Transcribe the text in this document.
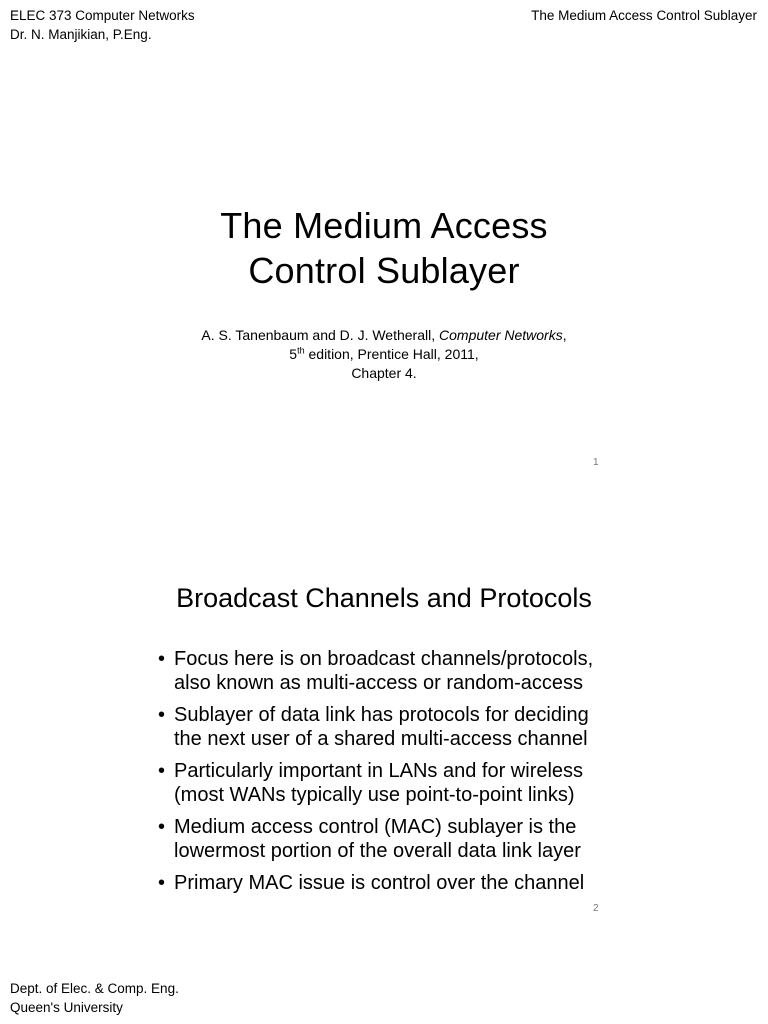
ELEC 373 Computer Networks
Dr. N. Manjikian, P.Eng.
The Medium Access Control Sublayer
The Medium Access
Control Sublayer
A. S. Tanenbaum and D. J. Wetherall, Computer Networks,
5th edition, Prentice Hall, 2011,
Chapter 4.
1
Broadcast Channels and Protocols
• Focus here is on broadcast channels/protocols,
also known as multi-access or random-access
• Sublayer of data link has protocols for deciding
the next user of a shared multi-access channel
• Particularly important in LANs and for wireless
(most WANs typically use point-to-point links)
• Medium access control (MAC) sublayer is the
lowermost portion of the overall data link layer
• Primary MAC issue is control over the channel
2
Dept. of Elec. & Comp. Eng.
Queen's University
